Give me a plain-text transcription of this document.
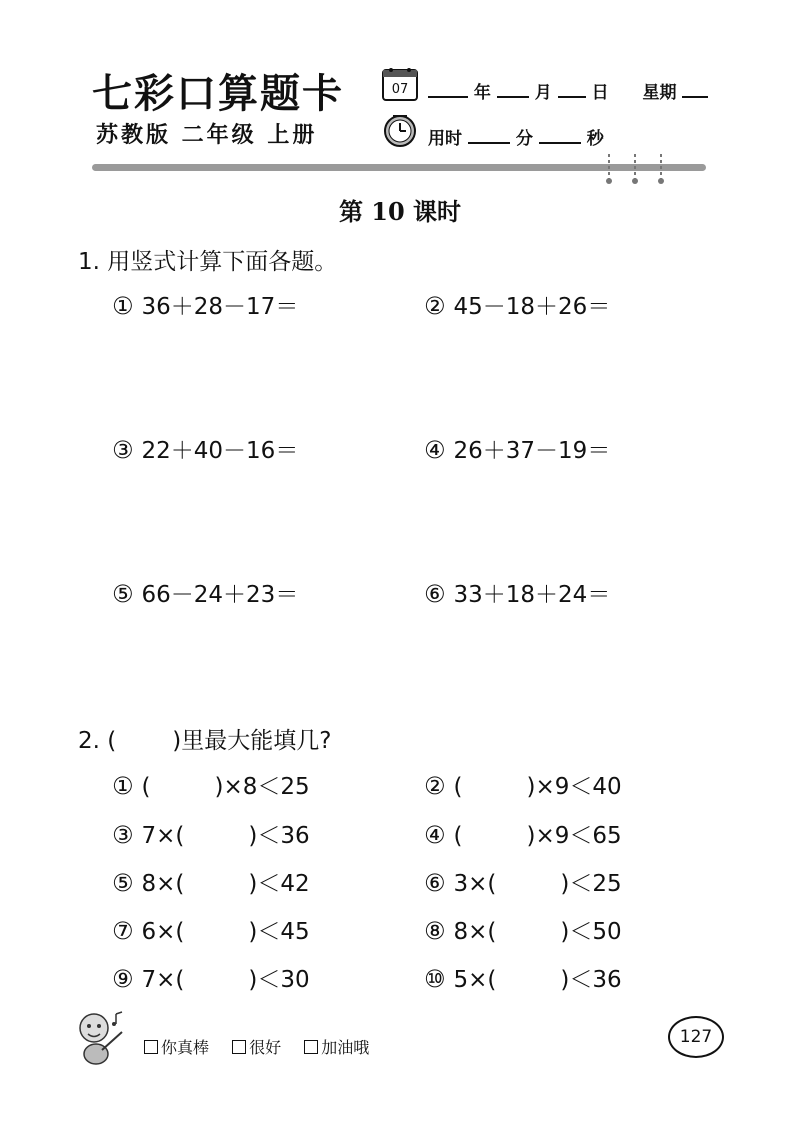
七彩口算题卡
苏教版 二年级 上册
07	年	月 日 星期
用时	分	秒
第 10 课时
1. 用竖式计算下面各题。
① 36＋28－17＝	② 45－18＋26＝
③ 22＋40－16＝	④ 26＋37－19＝
⑤ 66－24＋23＝	⑥ 33＋18＋24＝
2. ( )里最大能填几?
① (	)×8＜25	② (	)×9＜40
③ 7×(	)＜36	④ (	)×9＜65
⑤ 8×(	)＜42	⑥ 3×(	)＜25
⑦ 6×(	)＜45	⑧ 8×(	)＜50
⑨ 7×(	)＜30	⑩ 5×(	)＜36
你真棒	很好	加油哦
127
